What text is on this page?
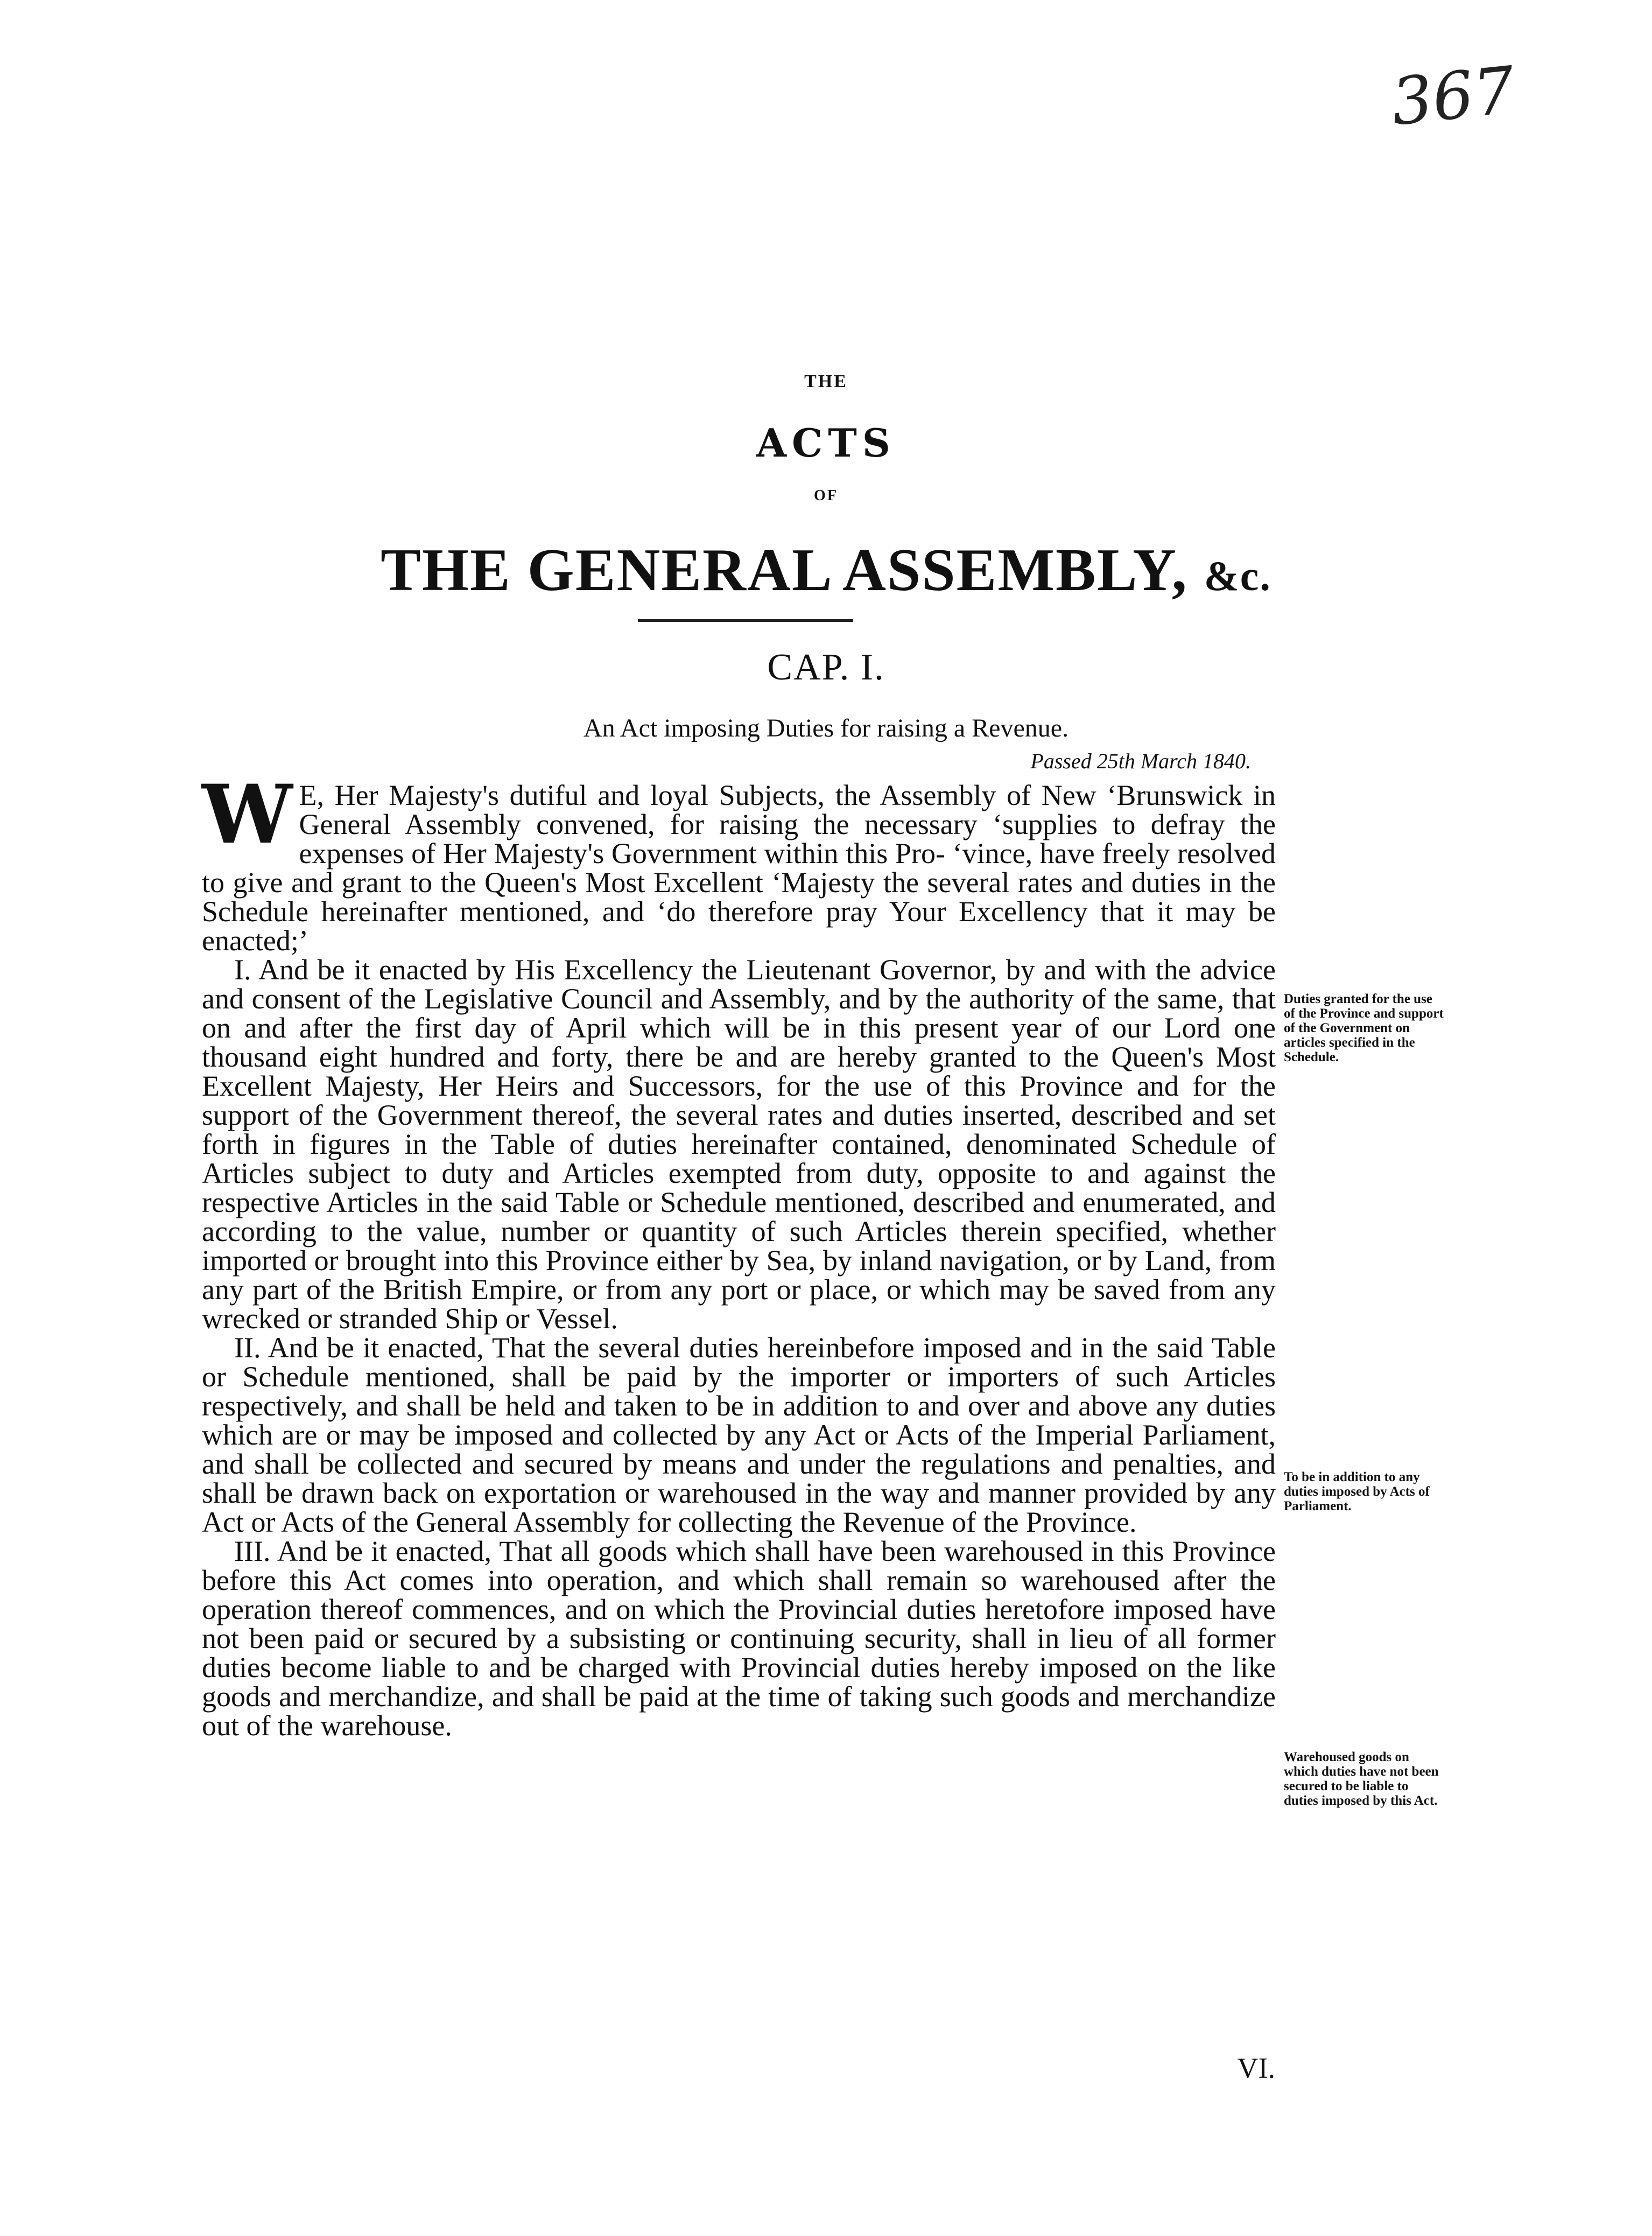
367
THE
ACTS
OF
THE GENERAL ASSEMBLY, &c.
CAP. I.
An Act imposing Duties for raising a Revenue.
Passed 25th March 1840.

W E, Her Majesty's dutiful and loyal Subjects, the Assembly of New ‘Brunswick in General Assembly convened, for raising the necessary ‘supplies to defray the expenses of Her Majesty's Government within this Pro- ‘vince, have freely resolved to give and grant to the Queen's Most Excellent ‘Majesty the several rates and duties in the Schedule hereinafter mentioned, and ‘do therefore pray Your Excellency that it may be enacted;’

I. And be it enacted by His Excellency the Lieutenant Governor, by and with the advice and consent of the Legislative Council and Assembly, and by the authority of the same, that on and after the first day of April which will be in this present year of our Lord one thousand eight hundred and forty, there be and are hereby granted to the Queen's Most Excellent Majesty, Her Heirs and Successors, for the use of this Province and for the support of the Government thereof, the several rates and duties inserted, described and set forth in figures in the Table of duties hereinafter contained, denominated Schedule of Articles subject to duty and Articles exempted from duty, opposite to and against the respective Articles in the said Table or Schedule mentioned, described and enumerated, and according to the value, number or quantity of such Articles therein specified, whether imported or brought into this Province either by Sea, by inland navigation, or by Land, from any part of the British Empire, or from any port or place, or which may be saved from any wrecked or stranded Ship or Vessel.

II. And be it enacted, That the several duties hereinbefore imposed and in the said Table or Schedule mentioned, shall be paid by the importer or importers of such Articles respectively, and shall be held and taken to be in addition to and over and above any duties which are or may be imposed and collected by any Act or Acts of the Imperial Parliament, and shall be collected and secured by means and under the regulations and penalties, and shall be drawn back on exportation or warehoused in the way and manner provided by any Act or Acts of the General Assembly for collecting the Revenue of the Province.

III. And be it enacted, That all goods which shall have been warehoused in this Province before this Act comes into operation, and which shall remain so warehoused after the operation thereof commences, and on which the Provincial duties heretofore imposed have not been paid or secured by a subsisting or continuing security, shall in lieu of all former duties become liable to and be charged with Provincial duties hereby imposed on the like goods and merchandize, and shall be paid at the time of taking such goods and merchandize out of the warehouse.

Duties granted for the use of the Province and support of the Government on articles specified in the Schedule.
To be in addition to any duties imposed by Acts of Parliament.
Warehoused goods on which duties have not been secured to be liable to duties imposed by this Act.
VI.
